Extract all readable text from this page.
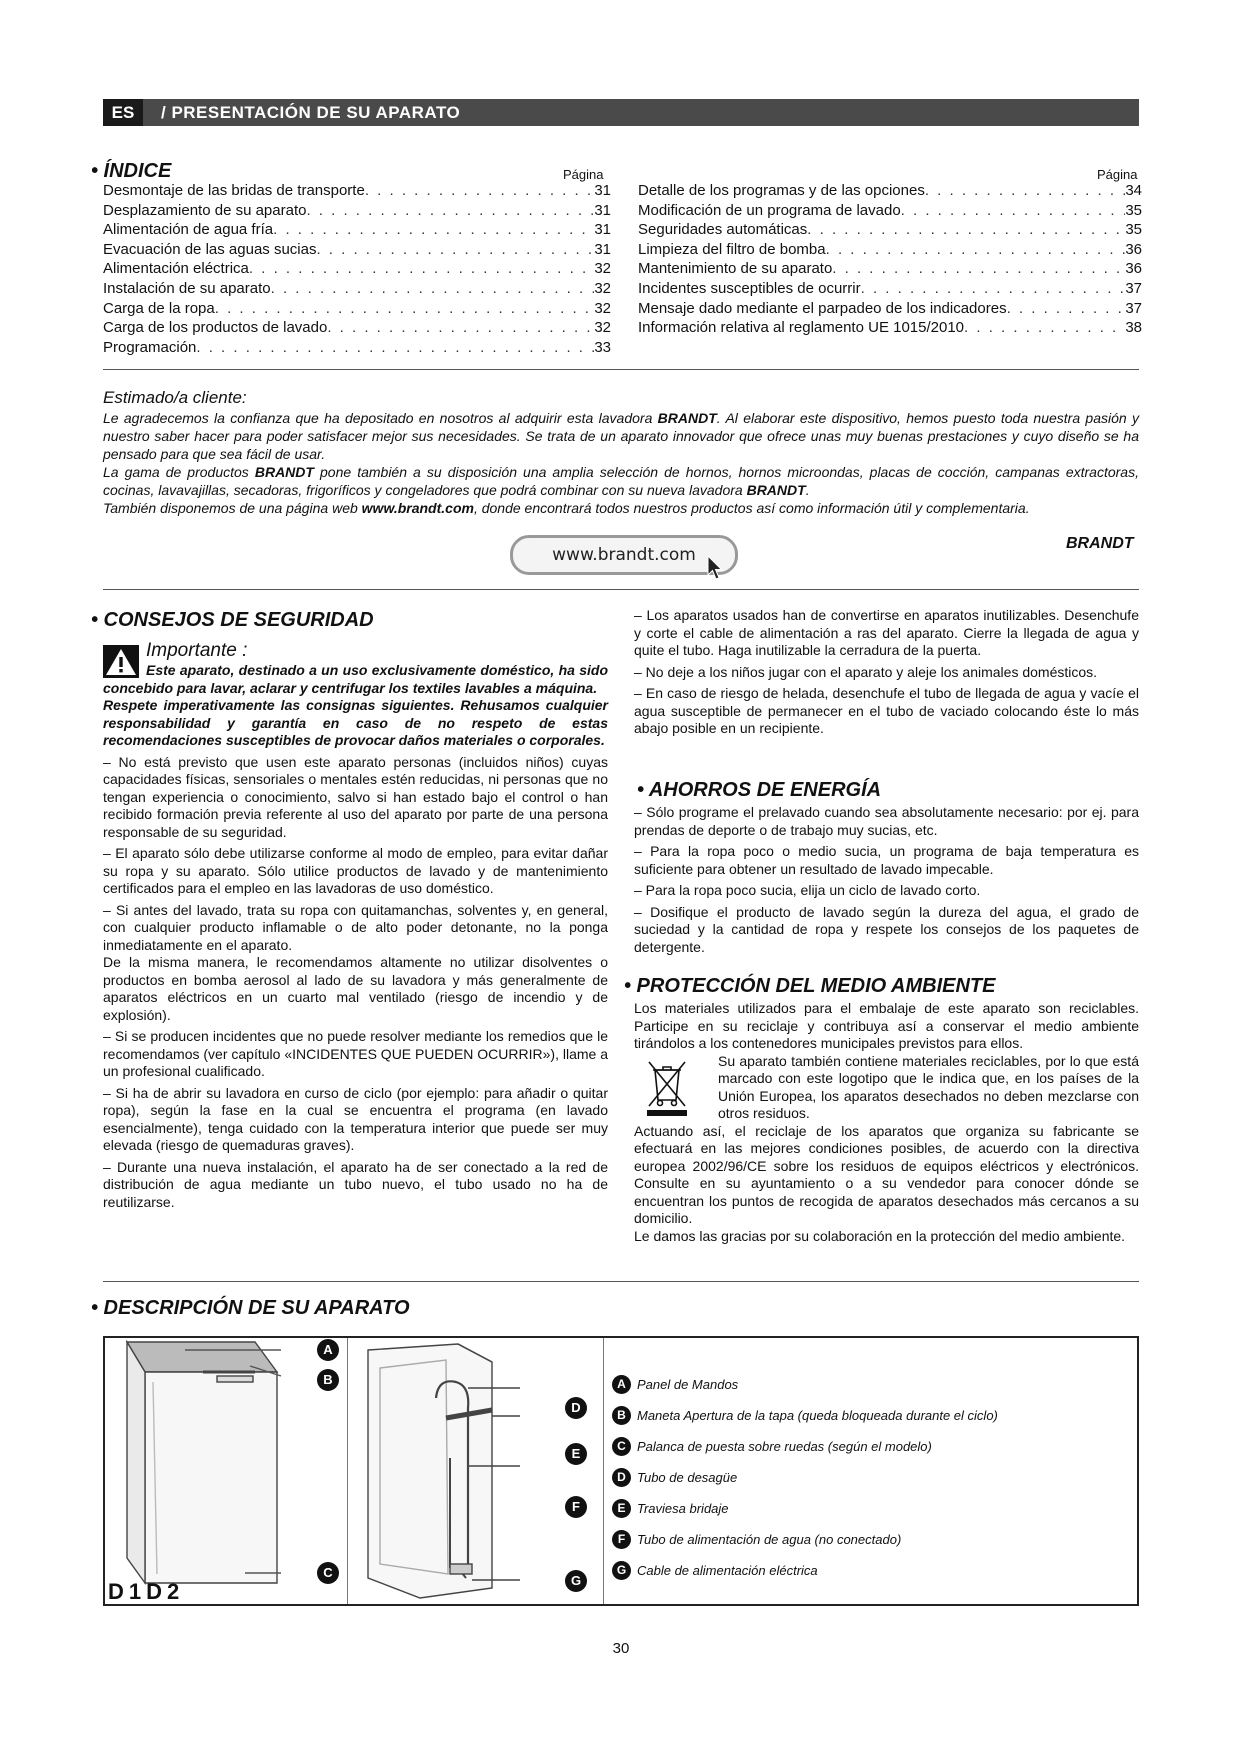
ES	/ PRESENTACIÓN DE SU APARATO
• ÍNDICE	Página	Página
Desmontaje de las bridas de transporte . . .	31
Desplazamiento de su aparato . . .	31
Alimentación de agua fría . . .	31
Evacuación de las aguas sucias . . .	31
Alimentación eléctrica . . .	32
Instalación de su aparato . . .	32
Carga de la ropa . . .	32
Carga de los productos de lavado . . .	32
Programación . . .	33
Detalle de los programas y de las opciones . . .	34
Modificación de un programa de lavado . . .	35
Seguridades automáticas . . .	35
Limpieza del filtro de bomba . . .	36
Mantenimiento de su aparato . . .	36
Incidentes susceptibles de ocurrir . . .	37
Mensaje dado mediante el parpadeo de los indicadores . . .	37
Información relativa al reglamento UE 1015/2010 . . .	38
Estimado/a cliente:
Le agradecemos la confianza que ha depositado en nosotros al adquirir esta lavadora BRANDT. Al elaborar este dispositivo, hemos puesto toda nuestra pasión y nuestro saber hacer para poder satisfacer mejor sus necesidades. Se trata de un aparato innovador que ofrece unas muy buenas prestaciones y cuyo diseño se ha pensado para que sea fácil de usar.
La gama de productos BRANDT pone también a su disposición una amplia selección de hornos, hornos microondas, placas de cocción, campanas extractoras, cocinas, lavavajillas, secadoras, frigoríficos y congeladores que podrá combinar con su nueva lavadora BRANDT.
También disponemos de una página web www.brandt.com, donde encontrará todos nuestros productos así como información útil y complementaria.
www.brandt.com
BRANDT
• CONSEJOS DE SEGURIDAD
Importante :

Este aparato, destinado a un uso exclusivamente doméstico, ha sido concebido para lavar, aclarar y centrifugar los textiles lavables a máquina.

Respete imperativamente las consignas siguientes. Rehusamos cualquier responsabilidad y garantía en caso de no respeto de estas recomendaciones susceptibles de provocar daños materiales o corporales.

– No está previsto que usen este aparato personas (incluidos niños) cuyas capacidades físicas, sensoriales o mentales estén reducidas, ni personas que no tengan experiencia o conocimiento, salvo si han estado bajo el control o han recibido formación previa referente al uso del aparato por parte de una persona responsable de su seguridad.

– El aparato sólo debe utilizarse conforme al modo de empleo, para evitar dañar su ropa y su aparato. Sólo utilice productos de lavado y de mantenimiento certificados para el empleo en las lavadoras de uso doméstico.

– Si antes del lavado, trata su ropa con quitamanchas, solventes y, en general, con cualquier producto inflamable o de alto poder detonante, no la ponga inmediatamente en el aparato.

De la misma manera, le recomendamos altamente no utilizar disolventes o productos en bomba aerosol al lado de su lavadora y más generalmente de aparatos eléctricos en un cuarto mal ventilado (riesgo de incendio y de explosión).

– Si se producen incidentes que no puede resolver mediante los remedios que le recomendamos (ver capítulo «INCIDENTES QUE PUEDEN OCURRIR»), llame a un profesional cualificado.

– Si ha de abrir su lavadora en curso de ciclo (por ejemplo: para añadir o quitar ropa), según la fase en la cual se encuentra el programa (en lavado esencialmente), tenga cuidado con la temperatura interior que puede ser muy elevada (riesgo de quemaduras graves).

– Durante una nueva instalación, el aparato ha de ser conectado a la red de distribución de agua mediante un tubo nuevo, el tubo usado no ha de reutilizarse.

– Los aparatos usados han de convertirse en aparatos inutilizables. Desenchufe y corte el cable de alimentación a ras del aparato. Cierre la llegada de agua y quite el tubo. Haga inutilizable la cerradura de la puerta.

– No deje a los niños jugar con el aparato y aleje los animales domésticos.

– En caso de riesgo de helada, desenchufe el tubo de llegada de agua y vacíe el agua susceptible de permanecer en el tubo de vaciado colocando éste lo más abajo posible en un recipiente.

• AHORROS DE ENERGÍA

– Sólo programe el prelavado cuando sea absolutamente necesario: por ej. para prendas de deporte o de trabajo muy sucias, etc.

– Para la ropa poco o medio sucia, un programa de baja temperatura es suficiente para obtener un resultado de lavado impecable.

– Para la ropa poco sucia, elija un ciclo de lavado corto.

– Dosifique el producto de lavado según la dureza del agua, el grado de suciedad y la cantidad de ropa y respete los consejos de los paquetes de detergente.

• PROTECCIÓN DEL MEDIO AMBIENTE

Los materiales utilizados para el embalaje de este aparato son reciclables. Participe en su reciclaje y contribuya así a conservar el medio ambiente tirándolos a los contenedores municipales previstos para ellos.

Su aparato también contiene materiales reciclables, por lo que está marcado con este logotipo que le indica que, en los países de la Unión Europea, los aparatos desechados no deben mezclarse con otros residuos.

Actuando así, el reciclaje de los aparatos que organiza su fabricante se efectuará en las mejores condiciones posibles, de acuerdo con la directiva europea 2002/96/CE sobre los residuos de equipos eléctricos y electrónicos. Consulte en su ayuntamiento o a su vendedor para conocer dónde se encuentran los puntos de recogida de aparatos desechados más cercanos a su domicilio.

Le damos las gracias por su colaboración en la protección del medio ambiente.

• DESCRIPCIÓN DE SU APARATO
A
B
C
D1D2
D
E
F
G
A Panel de Mandos
B Maneta Apertura de la tapa (queda bloqueada durante el ciclo)
C Palanca de puesta sobre ruedas (según el modelo)
D Tubo de desagüe
E Traviesa bridaje
F Tubo de alimentación de agua (no conectado)
G Cable de alimentación eléctrica
30
